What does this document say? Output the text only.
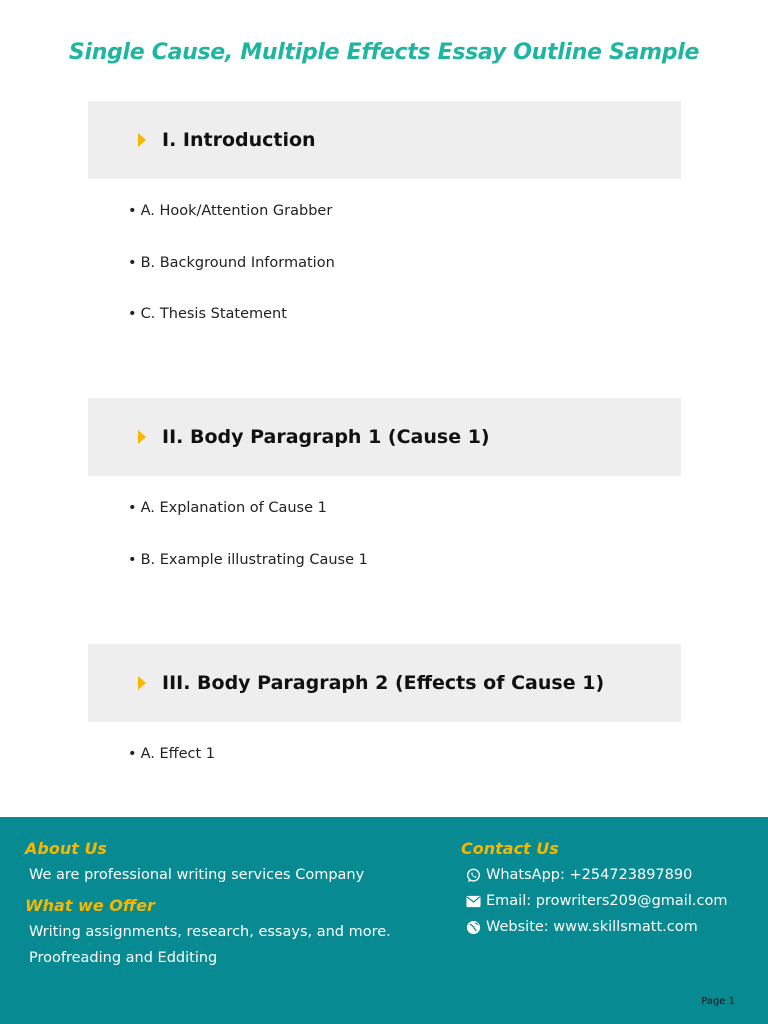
Single Cause, Multiple Effects Essay Outline Sample
I. Introduction
• A. Hook/Attention Grabber
• B. Background Information
• C. Thesis Statement
II. Body Paragraph 1 (Cause 1)
• A. Explanation of Cause 1
• B. Example illustrating Cause 1
III. Body Paragraph 2 (Effects of Cause 1)
• A. Effect 1
About Us
We are professional writing services Company
What we Offer
Writing assignments, research, essays, and more.
Proofreading and Edditing
Contact Us
WhatsApp: +254723897890
Email: prowriters209@gmail.com
Website: www.skillsmatt.com
Page 1
